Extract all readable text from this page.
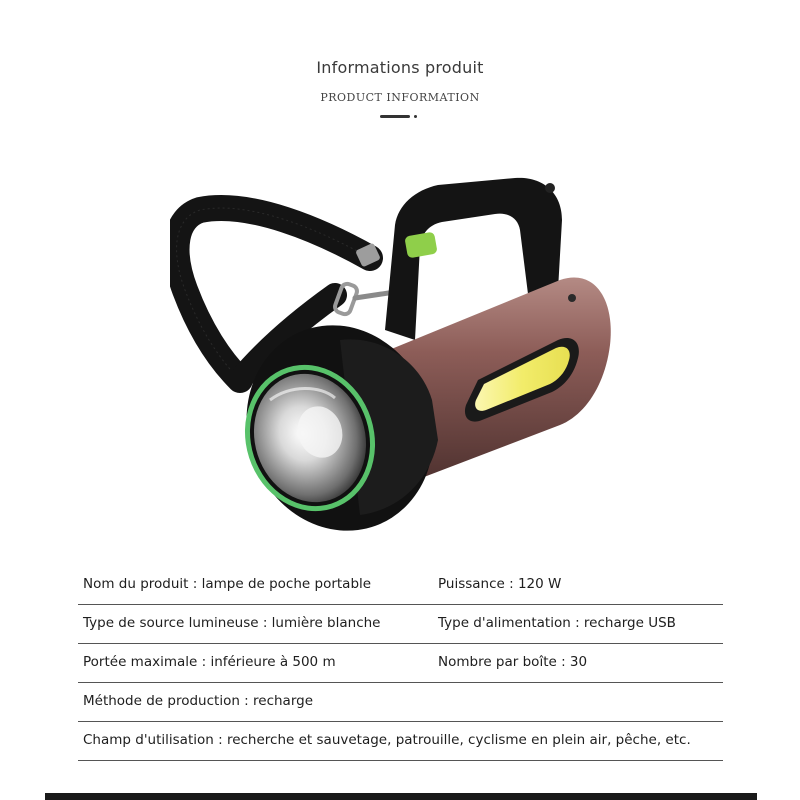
Informations produit
PRODUCT INFORMATION
Nom du produit : lampe de poche portable	Puissance : 120 W
Type de source lumineuse : lumière blanche	Type d'alimentation : recharge USB
Portée maximale : inférieure à 500 m	Nombre par boîte : 30
Méthode de production : recharge
Champ d'utilisation : recherche et sauvetage, patrouille, cyclisme en plein air, pêche, etc.
